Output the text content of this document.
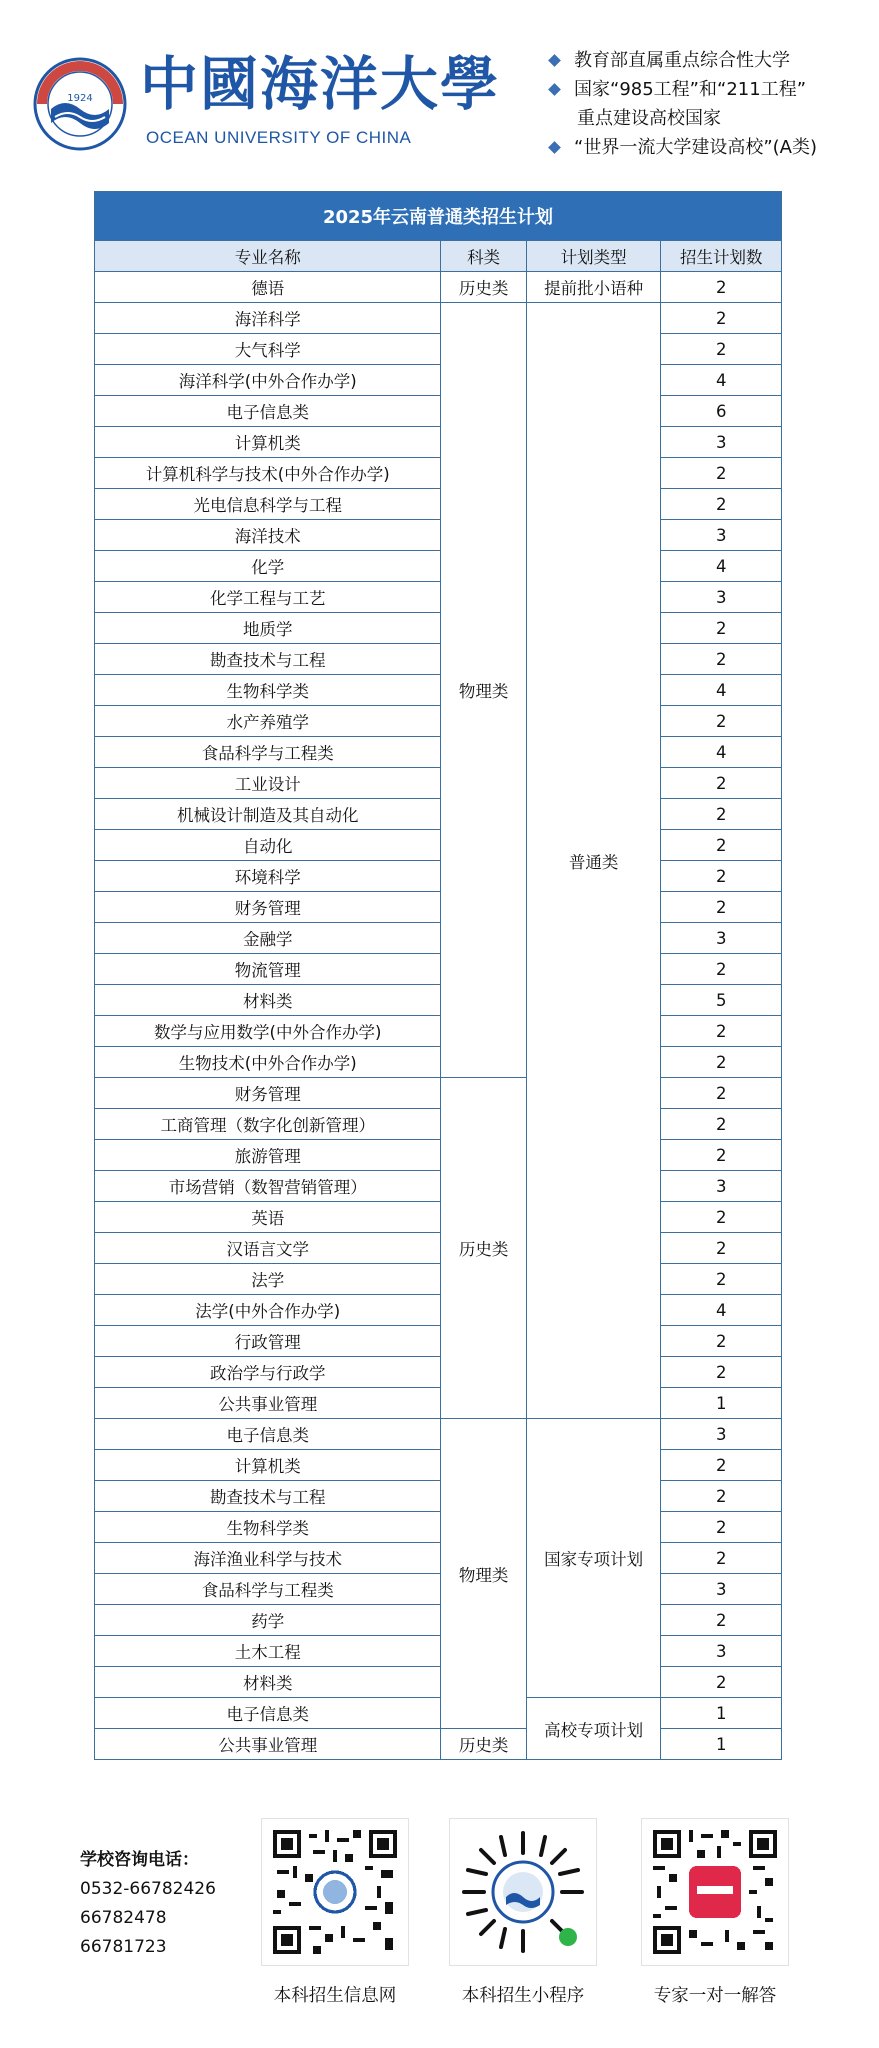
1924 中國海洋大學
OCEAN UNIVERSITY OF CHINA
教育部直属重点综合性大学
国家“985工程”和“211工程”
重点建设高校国家
“世界一流大学建设高校”(A类)
2025年云南普通类招生计划			
专业名称	科类	计划类型	招生计划数
德语	历史类	提前批小语种	2
海洋科学	物理类	普通类	2
大气科学			2
海洋科学(中外合作办学)			4
电子信息类			6
计算机类			3
计算机科学与技术(中外合作办学)			2
光电信息科学与工程			2
海洋技术			3
化学			4
化学工程与工艺			3
地质学			2
勘查技术与工程			2
生物科学类			4
水产养殖学			2
食品科学与工程类			4
工业设计			2
机械设计制造及其自动化			2
自动化			2
环境科学			2
财务管理			2
金融学			3
物流管理			2
材料类			5
数学与应用数学(中外合作办学)			2
生物技术(中外合作办学)			2
财务管理	历史类		2
工商管理（数字化创新管理）			2
旅游管理			2
市场营销（数智营销管理）			3
英语			2
汉语言文学			2
法学			2
法学(中外合作办学)			4
行政管理			2
政治学与行政学			2
公共事业管理			1
电子信息类	物理类	国家专项计划	3
计算机类			2
勘查技术与工程			2
生物科学类			2
海洋渔业科学与技术			2
食品科学与工程类			3
药学			2
土木工程			3
材料类			2
电子信息类		高校专项计划	1
公共事业管理	历史类		1
学校咨询电话：
0532-66782426
66782478
66781723
本科招生信息网	本科招生小程序	专家一对一解答
